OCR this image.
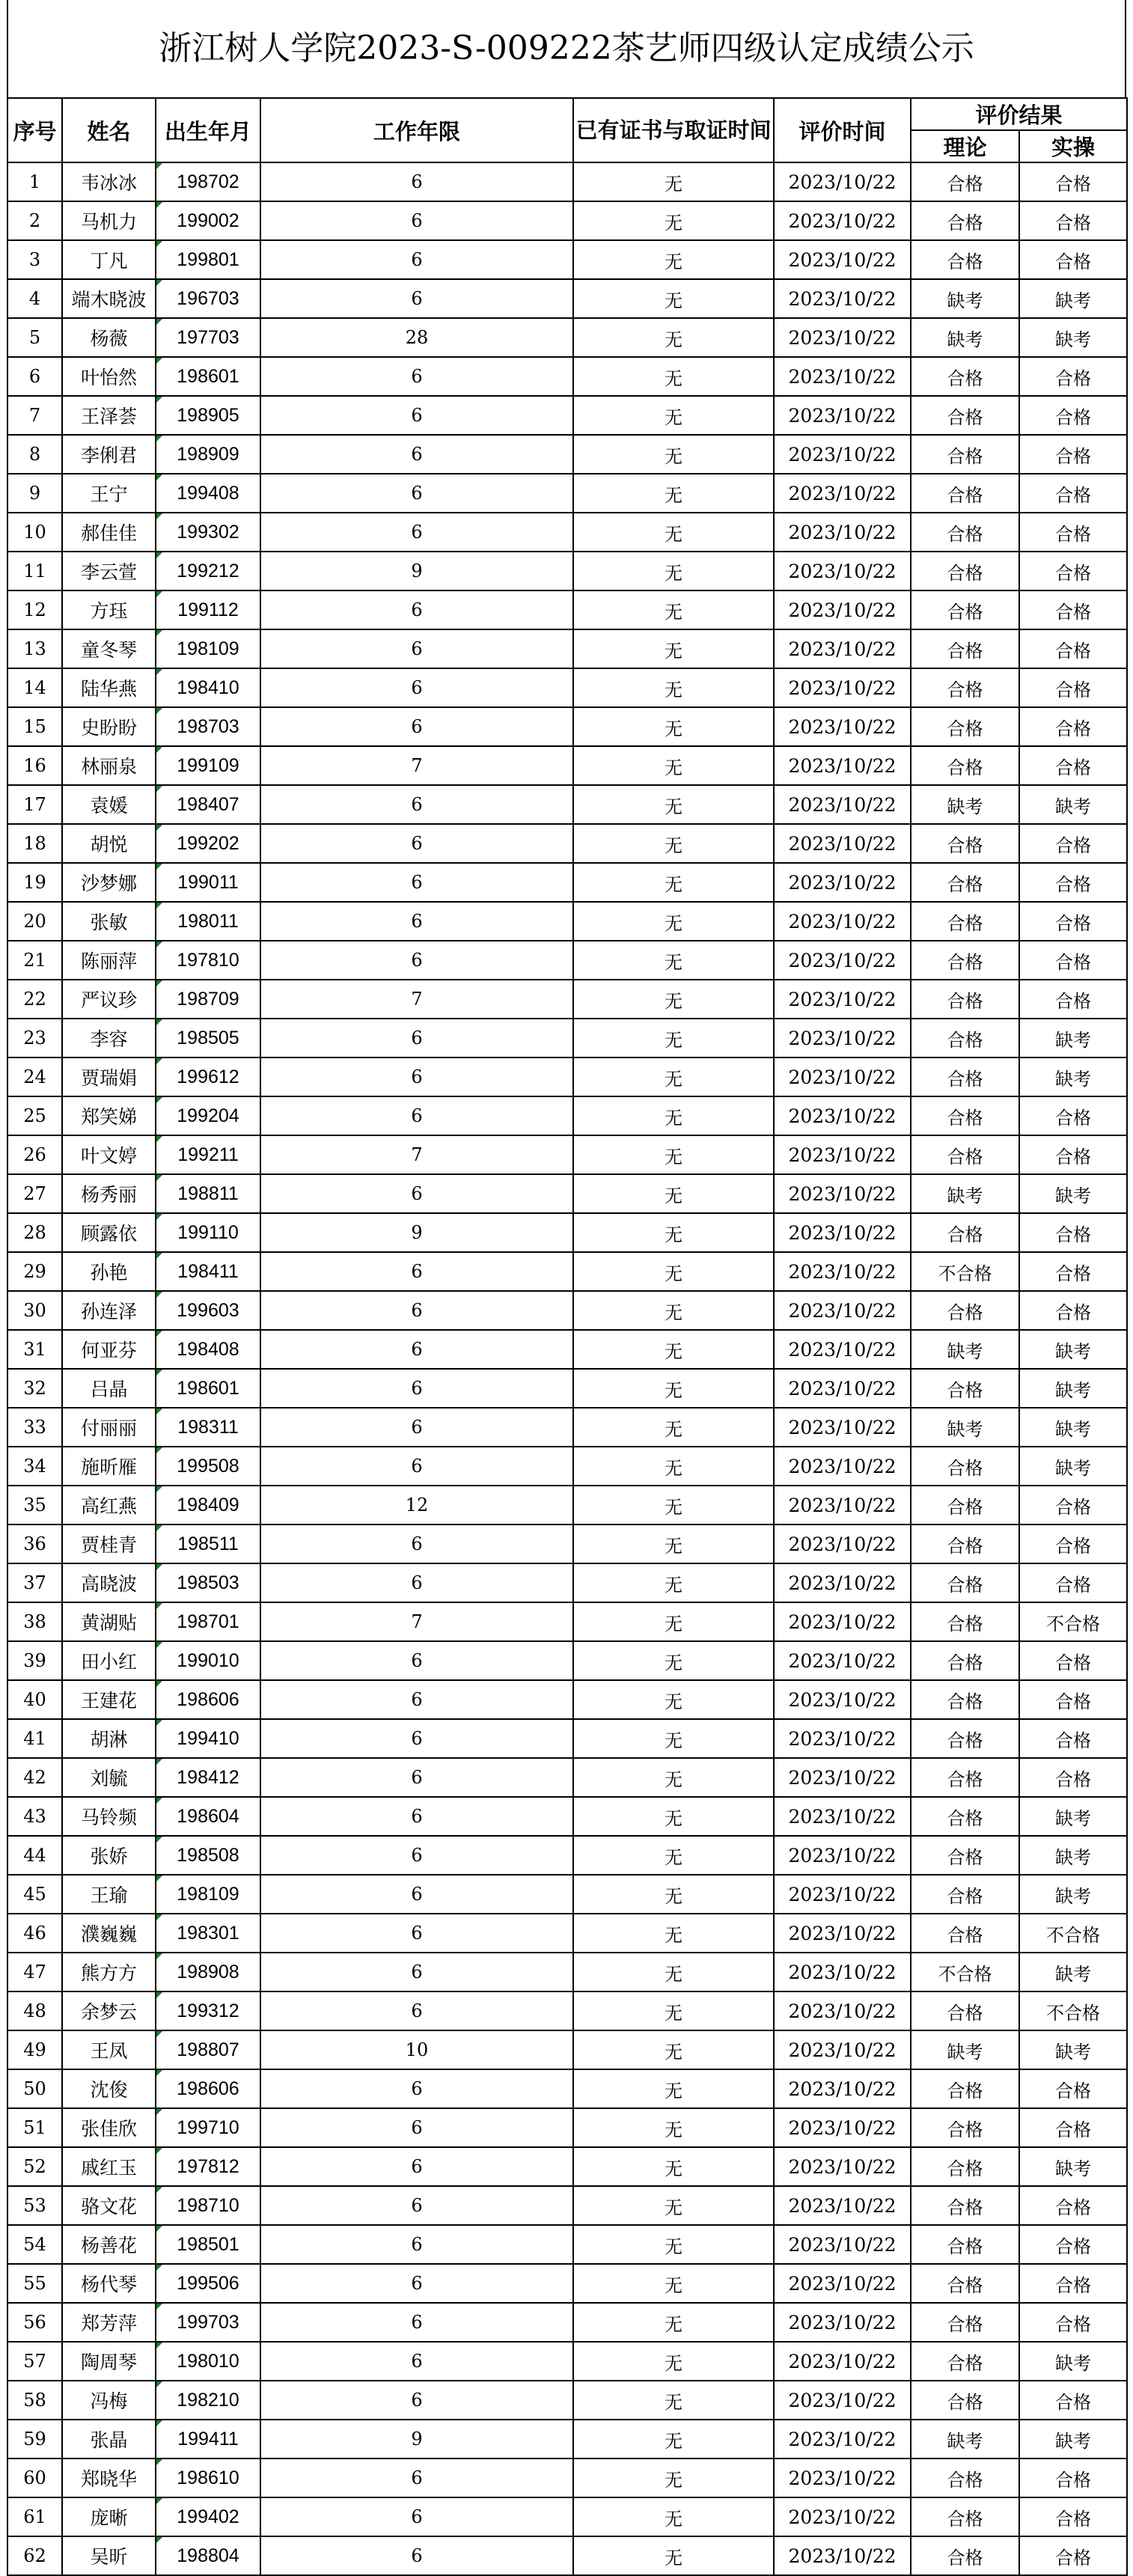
浙江树人学院2023-S-009222茶艺师四级认定成绩公示
序号	姓名	出生年月	工作年限	已有证书与取证时间	评价时间	评价结果	
						理论	实操
1	韦冰冰	198702	6	无	2023/10/22	合格	合格
2	马机力	199002	6	无	2023/10/22	合格	合格
3	丁凡	199801	6	无	2023/10/22	合格	合格
4	端木晓波	196703	6	无	2023/10/22	缺考	缺考
5	杨薇	197703	28	无	2023/10/22	缺考	缺考
6	叶怡然	198601	6	无	2023/10/22	合格	合格
7	王泽荟	198905	6	无	2023/10/22	合格	合格
8	李俐君	198909	6	无	2023/10/22	合格	合格
9	王宁	199408	6	无	2023/10/22	合格	合格
10	郝佳佳	199302	6	无	2023/10/22	合格	合格
11	李云萱	199212	9	无	2023/10/22	合格	合格
12	方珏	199112	6	无	2023/10/22	合格	合格
13	童冬琴	198109	6	无	2023/10/22	合格	合格
14	陆华燕	198410	6	无	2023/10/22	合格	合格
15	史盼盼	198703	6	无	2023/10/22	合格	合格
16	林丽泉	199109	7	无	2023/10/22	合格	合格
17	袁媛	198407	6	无	2023/10/22	缺考	缺考
18	胡悦	199202	6	无	2023/10/22	合格	合格
19	沙梦娜	199011	6	无	2023/10/22	合格	合格
20	张敏	198011	6	无	2023/10/22	合格	合格
21	陈丽萍	197810	6	无	2023/10/22	合格	合格
22	严议珍	198709	7	无	2023/10/22	合格	合格
23	李容	198505	6	无	2023/10/22	合格	缺考
24	贾瑞娟	199612	6	无	2023/10/22	合格	缺考
25	郑笑娣	199204	6	无	2023/10/22	合格	合格
26	叶文婷	199211	7	无	2023/10/22	合格	合格
27	杨秀丽	198811	6	无	2023/10/22	缺考	缺考
28	顾露依	199110	9	无	2023/10/22	合格	合格
29	孙艳	198411	6	无	2023/10/22	不合格	合格
30	孙连泽	199603	6	无	2023/10/22	合格	合格
31	何亚芬	198408	6	无	2023/10/22	缺考	缺考
32	吕晶	198601	6	无	2023/10/22	合格	缺考
33	付丽丽	198311	6	无	2023/10/22	缺考	缺考
34	施昕雁	199508	6	无	2023/10/22	合格	缺考
35	高红燕	198409	12	无	2023/10/22	合格	合格
36	贾桂青	198511	6	无	2023/10/22	合格	合格
37	高晓波	198503	6	无	2023/10/22	合格	合格
38	黄湖贴	198701	7	无	2023/10/22	合格	不合格
39	田小红	199010	6	无	2023/10/22	合格	合格
40	王建花	198606	6	无	2023/10/22	合格	合格
41	胡淋	199410	6	无	2023/10/22	合格	合格
42	刘毓	198412	6	无	2023/10/22	合格	合格
43	马铃频	198604	6	无	2023/10/22	合格	缺考
44	张娇	198508	6	无	2023/10/22	合格	缺考
45	王瑜	198109	6	无	2023/10/22	合格	缺考
46	濮巍巍	198301	6	无	2023/10/22	合格	不合格
47	熊方方	198908	6	无	2023/10/22	不合格	缺考
48	余梦云	199312	6	无	2023/10/22	合格	不合格
49	王凤	198807	10	无	2023/10/22	缺考	缺考
50	沈俊	198606	6	无	2023/10/22	合格	合格
51	张佳欣	199710	6	无	2023/10/22	合格	合格
52	戚红玉	197812	6	无	2023/10/22	合格	缺考
53	骆文花	198710	6	无	2023/10/22	合格	合格
54	杨善花	198501	6	无	2023/10/22	合格	合格
55	杨代琴	199506	6	无	2023/10/22	合格	合格
56	郑芳萍	199703	6	无	2023/10/22	合格	合格
57	陶周琴	198010	6	无	2023/10/22	合格	缺考
58	冯梅	198210	6	无	2023/10/22	合格	合格
59	张晶	199411	9	无	2023/10/22	缺考	缺考
60	郑晓华	198610	6	无	2023/10/22	合格	合格
61	庞晰	199402	6	无	2023/10/22	合格	合格
62	吴昕	198804	6	无	2023/10/22	合格	合格
